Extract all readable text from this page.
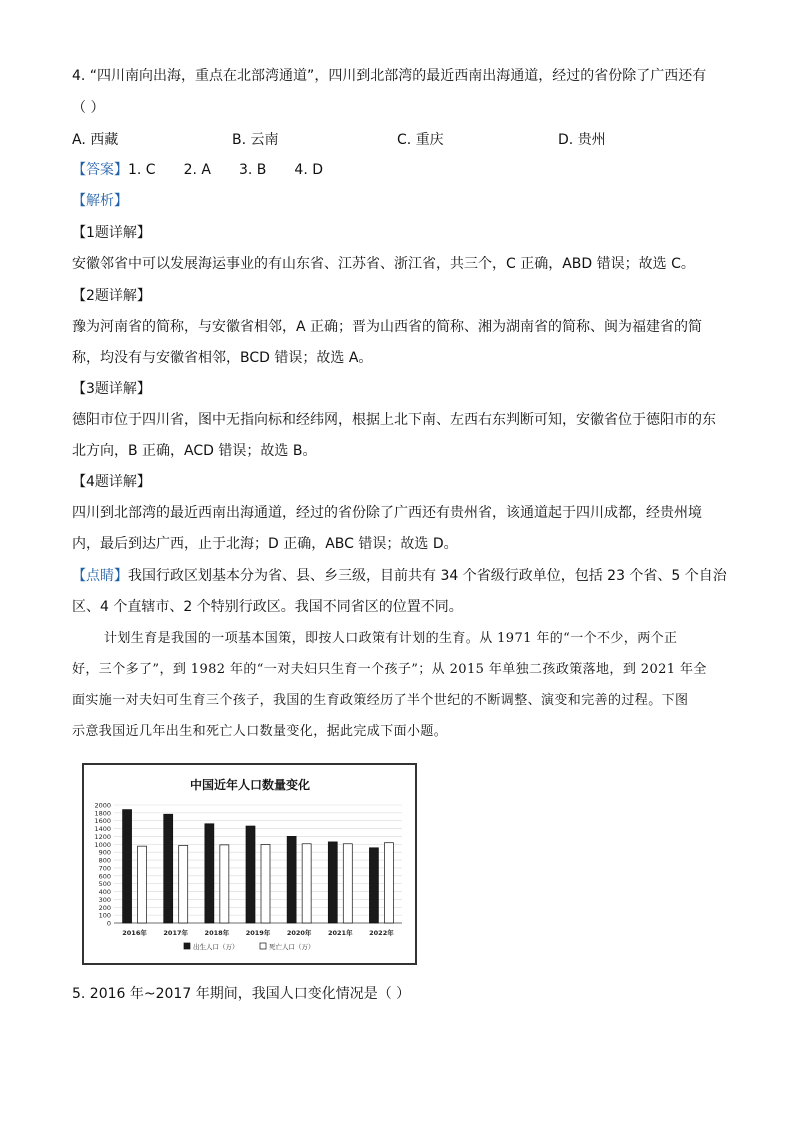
4. “四川南向出海，重点在北部湾通道”，四川到北部湾的最近西南出海通道，经过的省份除了广西还有
（ ）
A. 西藏	B. 云南	C. 重庆	D. 贵州
【答案】1. C 2. A 3. B 4. D
【解析】
【1题详解】
安徽邻省中可以发展海运事业的有山东省、江苏省、浙江省，共三个，C 正确，ABD 错误；故选 C。
【2题详解】
豫为河南省的简称，与安徽省相邻，A 正确；晋为山西省的简称、湘为湖南省的简称、闽为福建省的简
称，均没有与安徽省相邻，BCD 错误；故选 A。
【3题详解】
德阳市位于四川省，图中无指向标和经纬网，根据上北下南、左西右东判断可知，安徽省位于德阳市的东
北方向，B 正确，ACD 错误；故选 B。
【4题详解】
四川到北部湾的最近西南出海通道，经过的省份除了广西还有贵州省，该通道起于四川成都，经贵州境
内，最后到达广西，止于北海；D 正确，ABC 错误；故选 D。
【点睛】我国行政区划基本分为省、县、乡三级，目前共有 34 个省级行政单位，包括 23 个省、5 个自治
区、4 个直辖市、2 个特别行政区。我国不同省区的位置不同。
计划生育是我国的一项基本国策，即按人口政策有计划的生育。从 1971 年的“一个不少，两个正
好，三个多了”，到 1982 年的“一对夫妇只生育一个孩子”；从 2015 年单独二孩政策落地，到 2021 年全
面实施一对夫妇可生育三个孩子，我国的生育政策经历了半个世纪的不断调整、演变和完善的过程。下图
示意我国近几年出生和死亡人口数量变化，据此完成下面小题。
中国近年人口数量变化
0
100
200
300
400
500
600
700
800
900
1000
1200
1400
1600
1800
2000
2016年	2017年	2018年	2019年	2020年	2021年	2022年
出生人口（万）	死亡人口（万）
5. 2016 年~2017 年期间，我国人口变化情况是（ ）
